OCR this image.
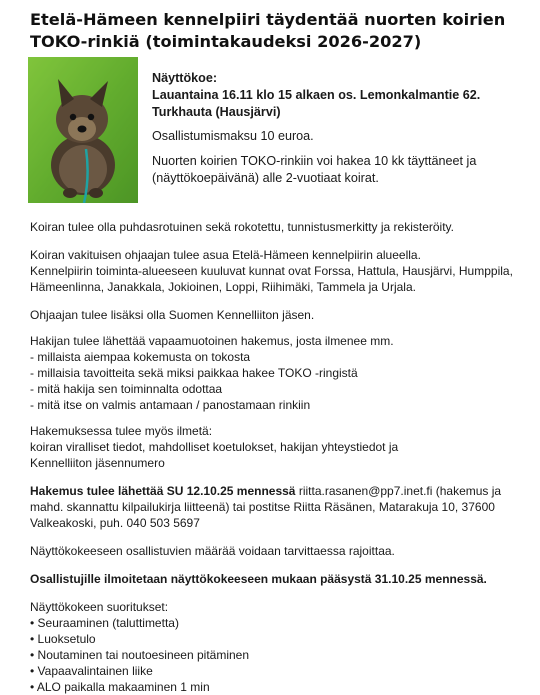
Etelä-Hämeen kennelpiiri täydentää nuorten koirien
TOKO-rinkiä (toimintakaudeksi 2026-2027)

Näyttökoe:

Lauantaina 16.11 klo 15 alkaen os. Lemonkalmantie 62.

Turkhauta (Hausjärvi)

Osallistumismaksu 10 euroa.

Nuorten koirien TOKO-rinkiin voi hakea 10 kk täyttäneet ja (näyttökoepäivänä) alle 2-vuotiaat koirat.

Koiran tulee olla puhdasrotuinen sekä rokotettu, tunnistusmerkitty ja rekisteröity.

Koiran vakituisen ohjaajan tulee asua Etelä-Hämeen kennelpiirin alueella.

Kennelpiirin toiminta-alueeseen kuuluvat kunnat ovat Forssa, Hattula, Hausjärvi, Humppila,

Hämeenlinna, Janakkala, Jokioinen, Loppi, Riihimäki, Tammela ja Urjala.

Ohjaajan tulee lisäksi olla Suomen Kennelliiton jäsen.

Hakijan tulee lähettää vapaamuotoinen hakemus, josta ilmenee mm.

- millaista aiempaa kokemusta on tokosta

- millaisia tavoitteita sekä miksi paikkaa hakee TOKO -ringistä

- mitä hakija sen toiminnalta odottaa

- mitä itse on valmis antamaan / panostamaan rinkiin

Hakemuksessa tulee myös ilmetä:

koiran viralliset tiedot, mahdolliset koetulokset, hakijan yhteystiedot ja

Kennelliiton jäsennumero

Hakemus tulee lähettää SU 12.10.25 mennessä riitta.rasanen@pp7.inet.fi (hakemus ja

mahd. skannattu kilpailukirja liitteenä) tai postitse Riitta Räsänen, Matarakuja 10, 37600

Valkeakoski, puh. 040 503 5697

Näyttökokeeseen osallistuvien määrää voidaan tarvittaessa rajoittaa.

Osallistujille ilmoitetaan näyttökokeeseen mukaan pääsystä 31.10.25 mennessä.

Näyttökokeen suoritukset:

• Seuraaminen (taluttimetta)

• Luoksetulo

• Noutaminen tai noutoesineen pitäminen

• Vapaavalintainen liike

• ALO paikalla makaaminen 1 min
